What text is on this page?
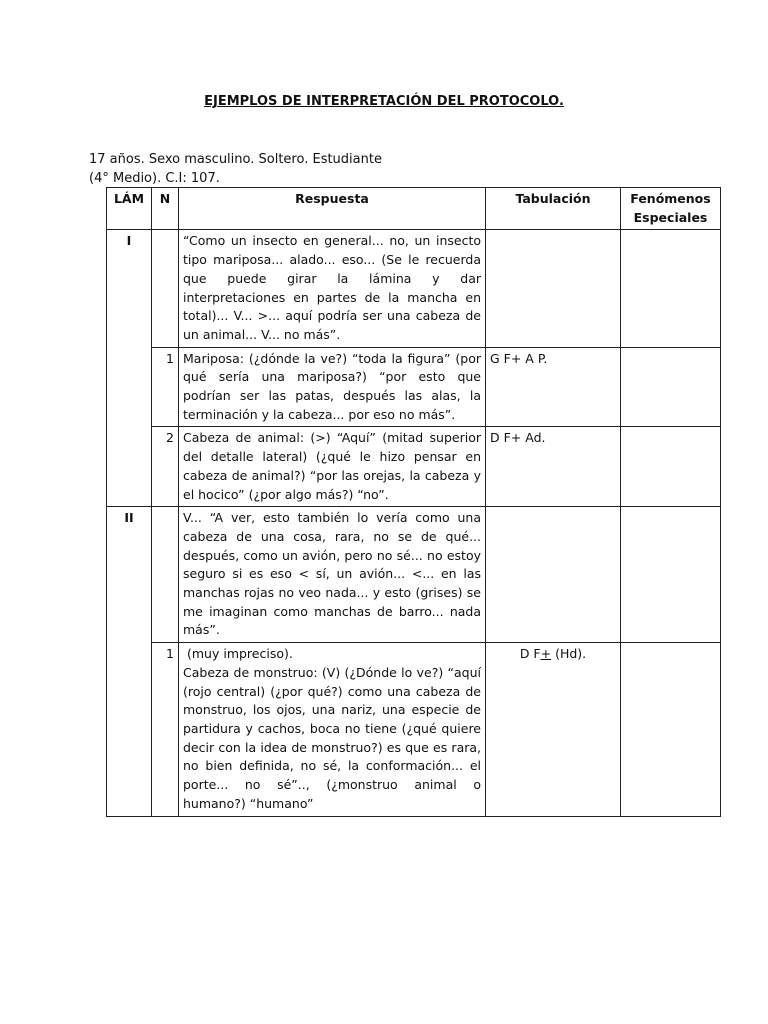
EJEMPLOS DE INTERPRETACIÓN DEL PROTOCOLO.
17 años. Sexo masculino. Soltero. Estudiante
(4° Medio). C.I: 107.
LÁM	N	Respuesta	Tabulación	Fenómenos Especiales
I		“Como un insecto en general... no, un insecto tipo mariposa... alado... eso... (Se le recuerda que puede girar la lámina y dar interpretaciones en partes de la mancha en total)... V... >... aquí podría ser una cabeza de un animal... V... no más”.		
	1	Mariposa: (¿dónde la ve?) “toda la figura” (por qué sería una mariposa?) “por esto que podrían ser las patas, después las alas, la terminación y la cabeza... por eso no más”.	G F+ A P.	
	2	Cabeza de animal: (>) “Aquí” (mitad superior del detalle lateral) (¿qué le hizo pensar en cabeza de animal?) “por las orejas, la cabeza y el hocico” (¿por algo más?) “no”.	D F+ Ad.	
II		V... “A ver, esto también lo vería como una cabeza de una cosa, rara, no se de qué... después, como un avión, pero no sé... no estoy seguro si es eso < sí, un avión... <... en las manchas rojas no veo nada... y esto (grises) se me imaginan como manchas de barro... nada más”.		
	1	(muy impreciso).
Cabeza de monstruo: (V) (¿Dónde lo ve?) “aquí (rojo central) (¿por qué?) como una cabeza de monstruo, los ojos, una nariz, una especie de partidura y cachos, boca no tiene (¿qué quiere decir con la idea de monstruo?) es que es rara, no bien definida, no sé, la conformación... el porte... no sé”.., (¿monstruo animal o humano?) “humano”	D F+ (Hd).	
